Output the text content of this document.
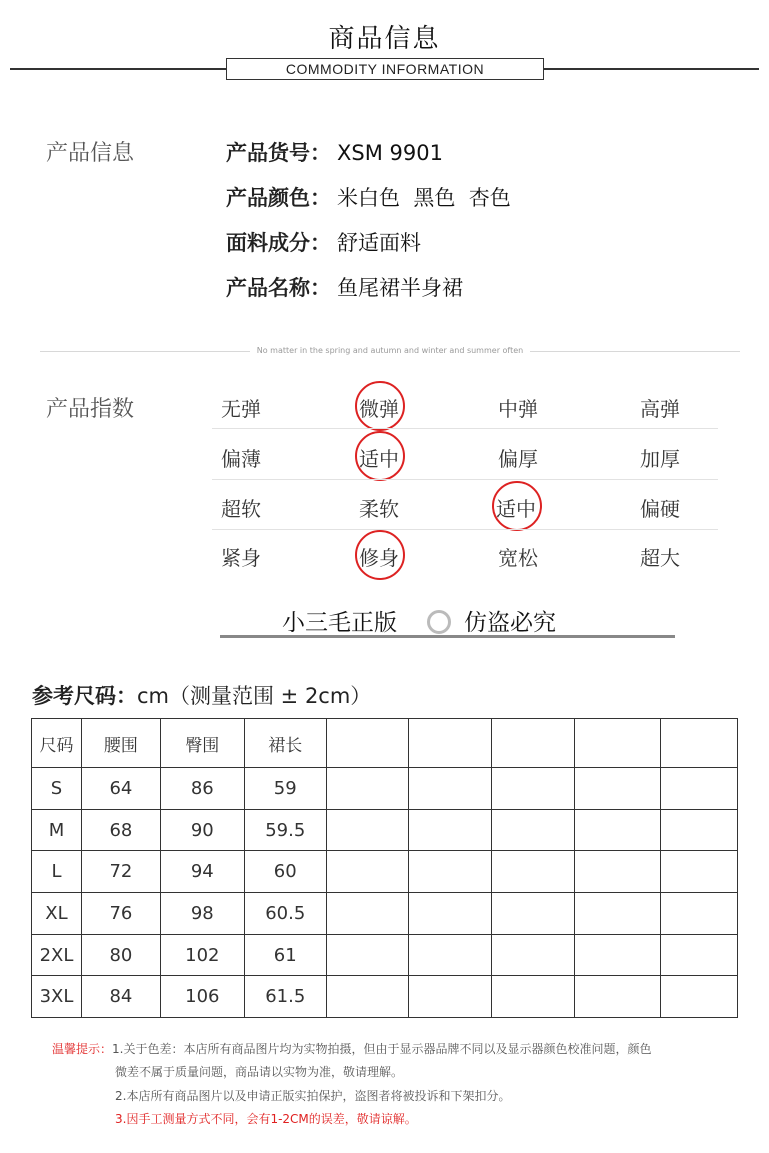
商品信息
COMMODITY INFORMATION
产品信息	产品货号： XSM 9901
产品颜色： 米白色  黑色  杏色
面料成分： 舒适面料
产品名称： 鱼尾裙半身裙
No matter in the spring and autumn and winter and summer often
产品指数	无弹	微弹	中弹	高弹
偏薄	适中	偏厚	加厚
超软	柔软	适中	偏硬
紧身	修身	宽松	超大
小三毛正版	仿盗必究
参考尺码：cm（测量范围 ± 2cm）
尺码	腰围	臀围	裙长					
S	64	86	59					
M	68	90	59.5					
L	72	94	60					
XL	76	98	60.5					
2XL	80	102	61					
3XL	84	106	61.5					
温馨提示：1.关于色差：本店所有商品图片均为实物拍摄，但由于显示器品牌不同以及显示器颜色校准问题，颜色
微差不属于质量问题，商品请以实物为准，敬请理解。
2.本店所有商品图片以及申请正版实拍保护，盗图者将被投诉和下架扣分。
3.因手工测量方式不同，会有1-2CM的误差，敬请谅解。
